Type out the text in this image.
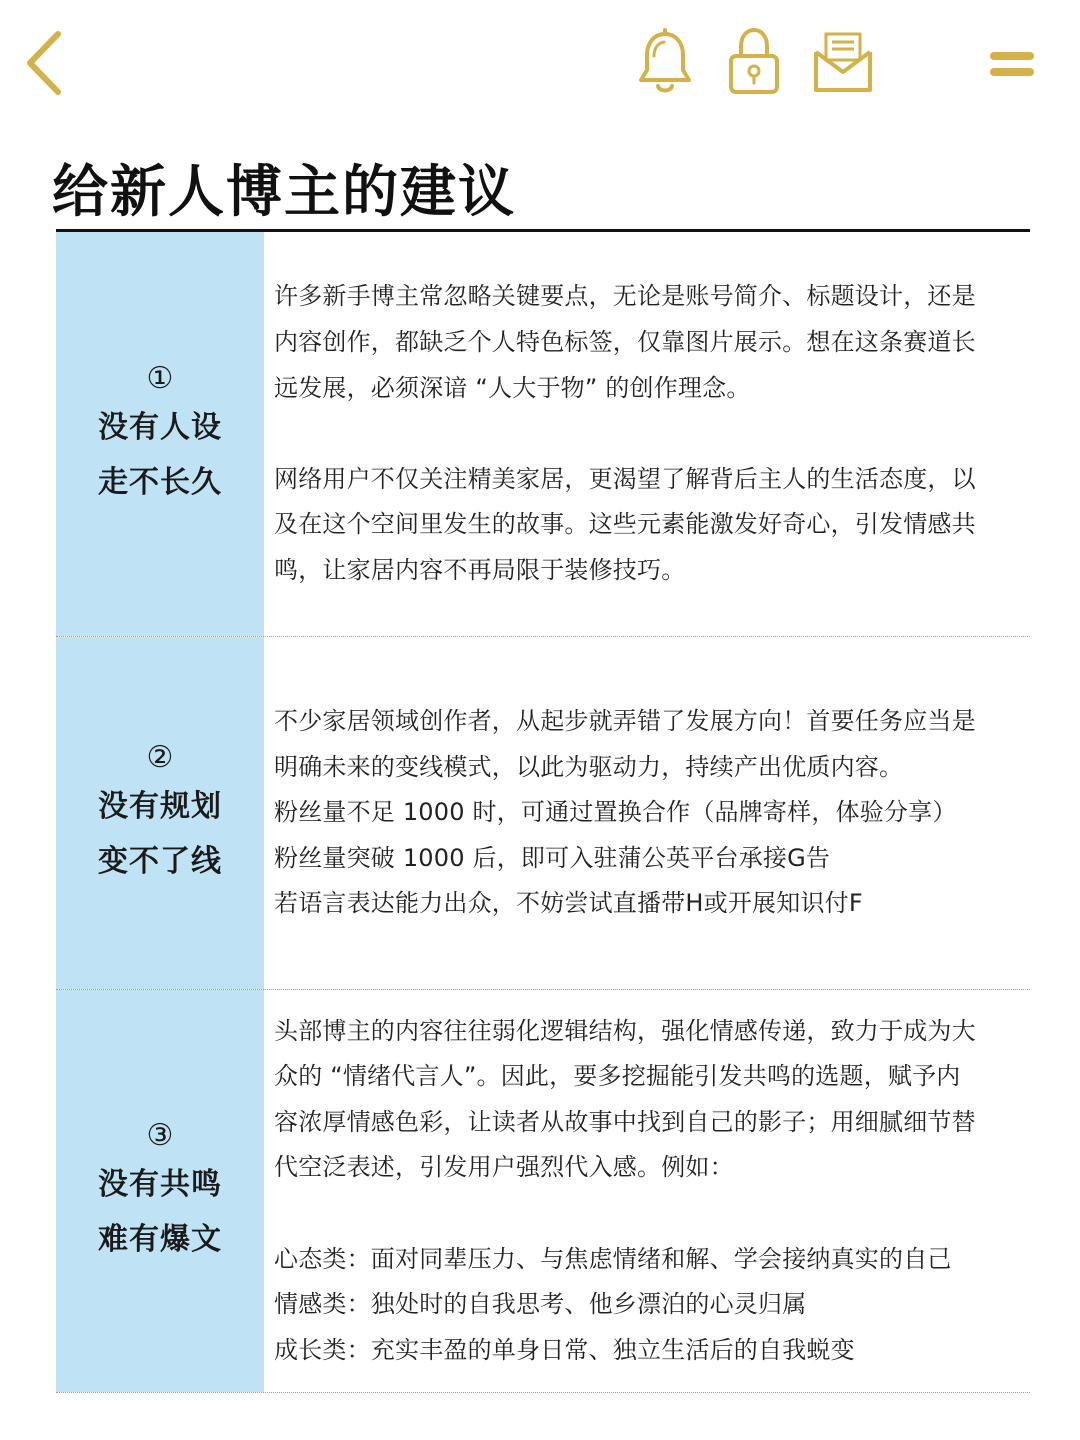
给新人博主的建议
①
没有人设
走不长久
许多新手博主常忽略关键要点，无论是账号简介、标题设计，还是
内容创作，都缺乏个人特色标签，仅靠图片展示。想在这条赛道长
远发展，必须深谙 “人大于物” 的创作理念。
网络用户不仅关注精美家居，更渴望了解背后主人的生活态度，以
及在这个空间里发生的故事。这些元素能激发好奇心，引发情感共
鸣，让家居内容不再局限于装修技巧。
②
没有规划
变不了线
不少家居领域创作者，从起步就弄错了发展方向！首要任务应当是
明确未来的变线模式，以此为驱动力，持续产出优质内容。
粉丝量不足 1000 时，可通过置换合作（品牌寄样，体验分享）
粉丝量突破 1000 后，即可入驻蒲公英平台承接G告
若语言表达能力出众，不妨尝试直播带H或开展知识付F
③
没有共鸣
难有爆文
头部博主的内容往往弱化逻辑结构，强化情感传递，致力于成为大
众的 “情绪代言人”。因此，要多挖掘能引发共鸣的选题，赋予内
容浓厚情感色彩，让读者从故事中找到自己的影子；用细腻细节替
代空泛表述，引发用户强烈代入感。例如：
心态类：面对同辈压力、与焦虑情绪和解、学会接纳真实的自己
情感类：独处时的自我思考、他乡漂泊的心灵归属
成长类：充实丰盈的单身日常、独立生活后的自我蜕变
